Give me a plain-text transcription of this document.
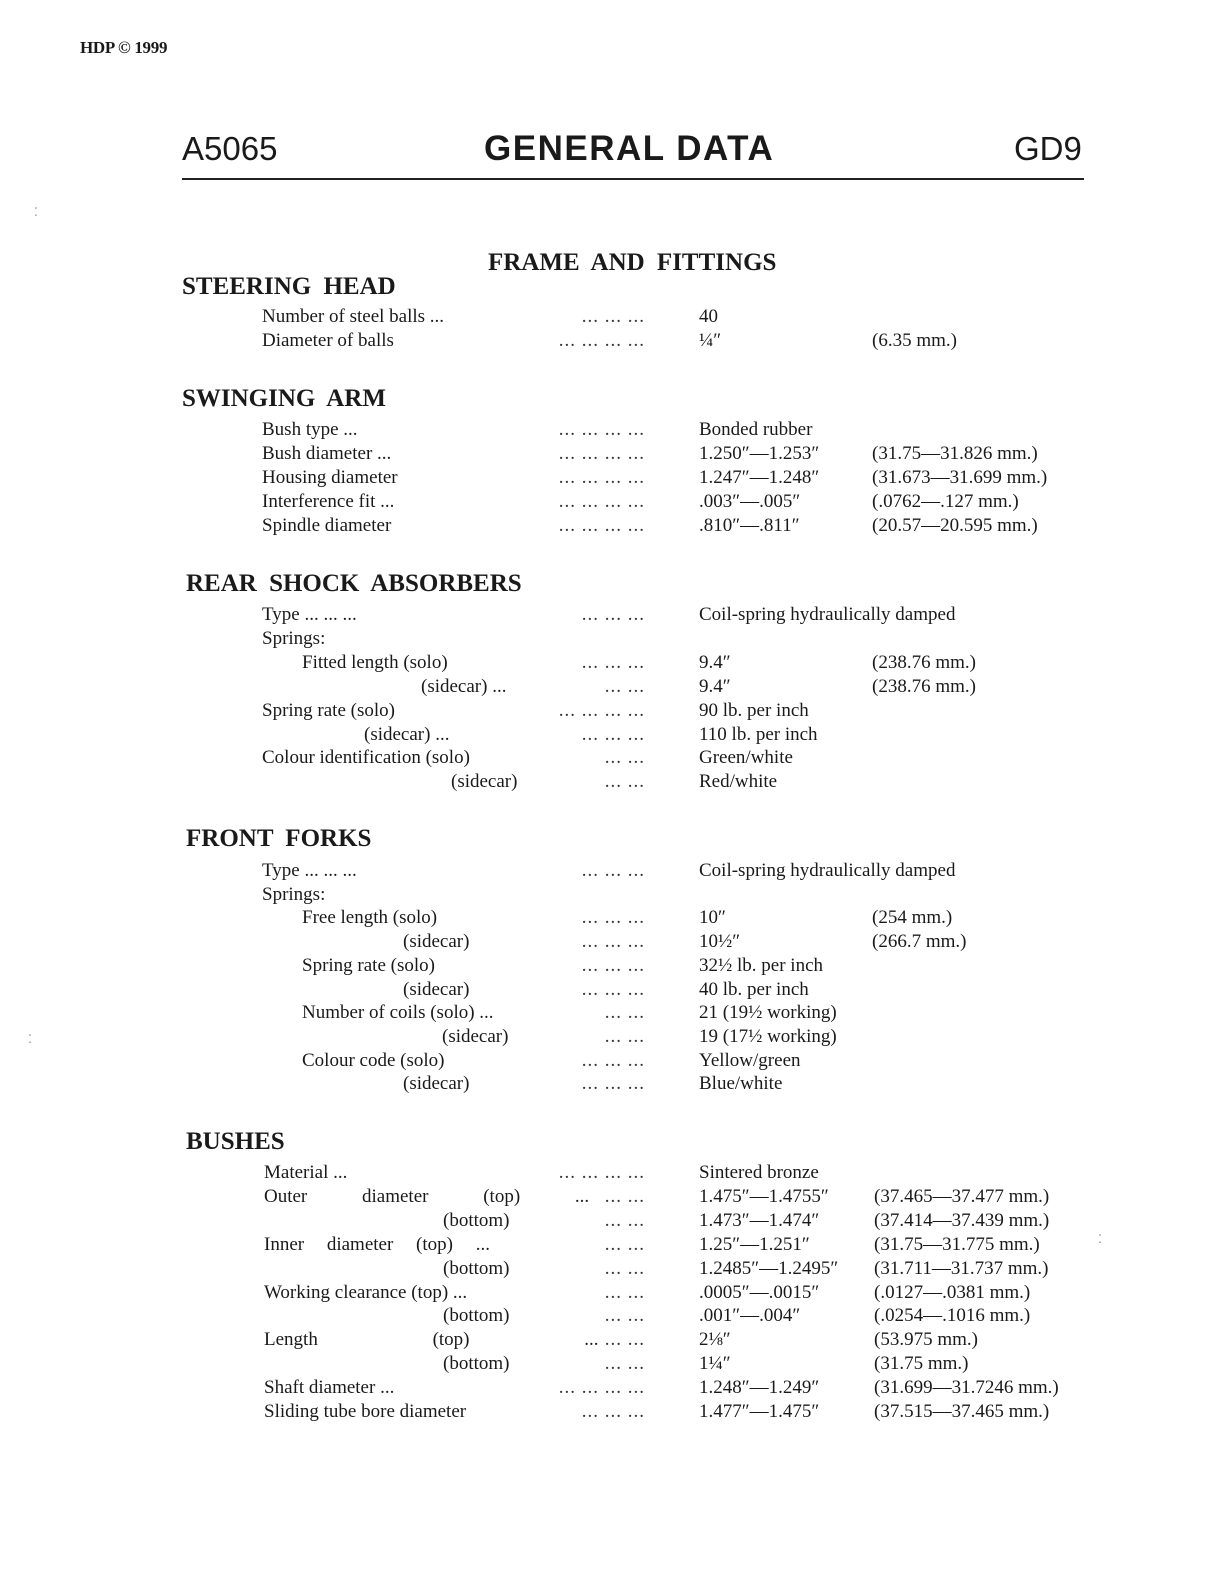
HDP © 1999
A5065	GENERAL DATA	GD9
FRAME AND FITTINGS
STEERING HEAD
SWINGING ARM
REAR SHOCK ABSORBERS
FRONT FORKS
BUSHES
Number of steel balls ...	... ... ...	40
Diameter of balls	... ... ... ...	¼″	(6.35 mm.)
Bush type ...	... ... ... ...	Bonded rubber
Bush diameter ...	... ... ... ...	1.250″—1.253″	(31.75—31.826 mm.)
Housing diameter	... ... ... ...	1.247″—1.248″	(31.673—31.699 mm.)
Interference fit ...	... ... ... ...	.003″—.005″	(.0762—.127 mm.)
Spindle diameter	... ... ... ...	.810″—.811″	(20.57—20.595 mm.)
Type ... ... ...	... ... ...	Coil-spring hydraulically damped
Springs:
Fitted length (solo)	... ... ...	9.4″	(238.76 mm.)
(sidecar) ...	... ...	9.4″	(238.76 mm.)
Spring rate (solo)	... ... ... ...	90 lb. per inch
(sidecar) ...	... ... ...	110 lb. per inch
Colour identification (solo)	... ...	Green/white
(sidecar)	... ...	Red/white
Type ... ... ...	... ... ...	Coil-spring hydraulically damped
Springs:
Free length (solo)	... ... ...	10″	(254 mm.)
(sidecar)	... ... ...	10½″	(266.7 mm.)
Spring rate (solo)	... ... ...	32½ lb. per inch
(sidecar)	... ... ...	40 lb. per inch
Number of coils (solo) ...	... ...	21 (19½ working)
(sidecar)	... ...	19 (17½ working)
Colour code (solo)	... ... ...	Yellow/green
(sidecar)	... ... ...	Blue/white
Material ...	... ... ... ...	Sintered bronze
Outer diameter (top) ... ... ...	1.475″—1.4755″ (37.465—37.477 mm.)
(bottom)	... ...	1.473″—1.474″	(37.414—37.439 mm.)
Inner diameter (top) ...	... ...	1.25″—1.251″	(31.75—31.775 mm.)
(bottom)	... ...	1.2485″—1.2495″ (31.711—31.737 mm.)
Working clearance (top) ...	... ...	.0005″—.0015″	(.0127—.0381 mm.)
(bottom)	... ...	.001″—.004″	(.0254—.1016 mm.)
Length (top) ... ... ...	2⅛″	(53.975 mm.)
(bottom)	... ...	1¼″	(31.75 mm.)
Shaft diameter ...	... ... ... ...	1.248″—1.249″	(31.699—31.7246 mm.)
Sliding tube bore diameter	... ... ...	1.477″—1.475″	(37.515—37.465 mm.)
⁚
⁚
⁚
